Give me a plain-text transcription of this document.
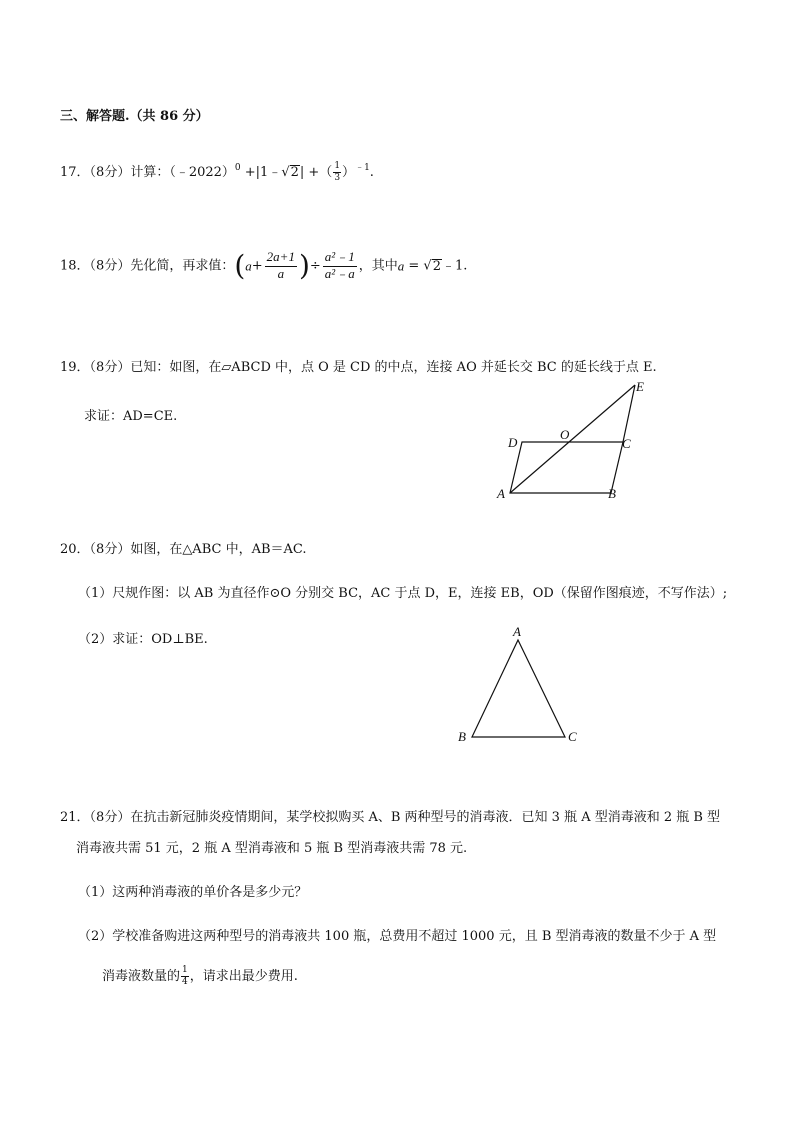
三、解答题.（共 86 分）
17．（8分）计算：（﹣2022）$^0$ +|1﹣√2| +（ $\frac{1}{3} )^{﹣1}$.
18．（8分）先化简，再求值：($a+ \frac{2a+1}{a}$ )÷ $\frac{\text{a²﹣1}}{\text{a²﹣a}}$ ，其中a = √2﹣1.
19．（8分）已知：如图，在▱ABCD 中，点 O 是 CD 的中点，连接 AO 并延长交 BC 的延长线于点 E.
求证：AD=CE.
A	B
C
D
O
E
20．（8分）如图，在△ABC 中，AB＝AC.
（1）尺规作图：以 AB 为直径作⊙O 分别交 BC，AC 于点 D，E，连接 EB，OD（保留作图痕迹，不写作法）;
（2）求证：OD⊥BE.
A
B	C
21．（8分）在抗击新冠肺炎疫情期间，某学校拟购买 A、B 两种型号的消毒液．已知 3 瓶 A 型消毒液和 2 瓶 B 型
消毒液共需 51 元，2 瓶 A 型消毒液和 5 瓶 B 型消毒液共需 78 元.
（1）这两种消毒液的单价各是多少元？
（2）学校准备购进这两种型号的消毒液共 100 瓶，总费用不超过 1000 元，且 B 型消毒液的数量不少于 A 型
消毒液数量的 $\frac{1}{4}$ ，请求出最少费用.
